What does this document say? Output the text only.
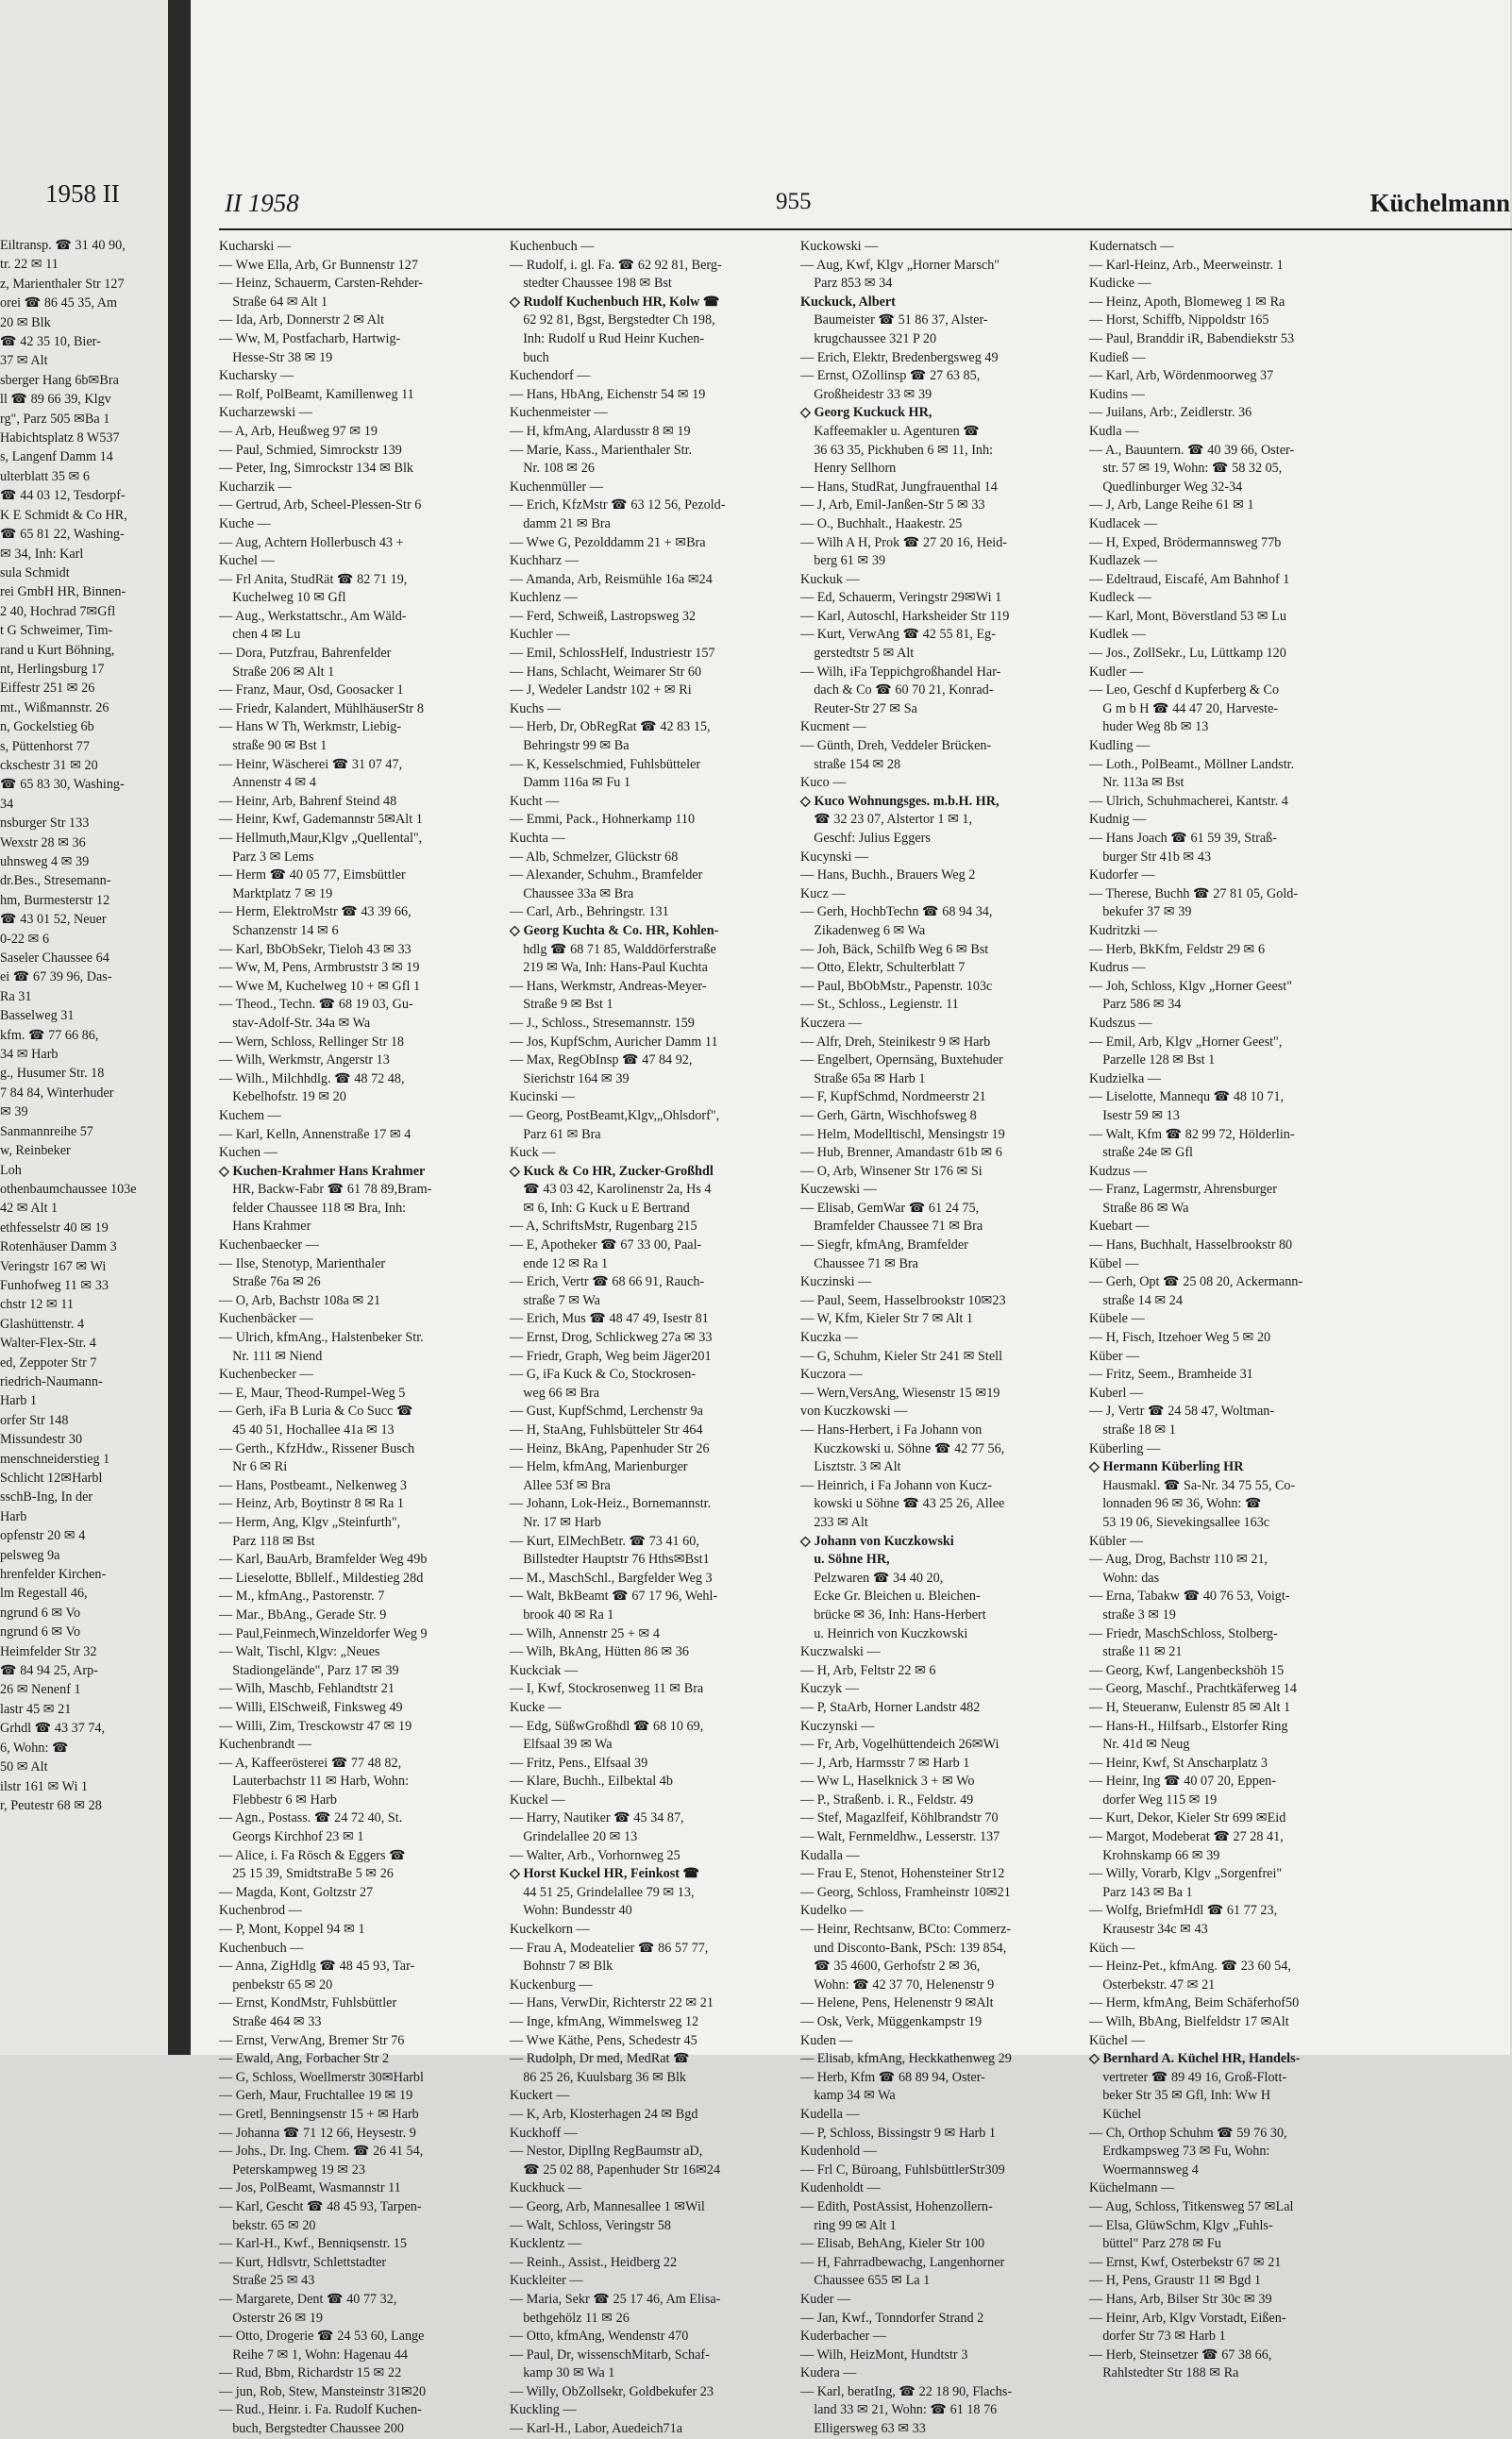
1958 II
Eiltransp. ☎ 31 40 90,
tr. 22 ✉ 11
z, Marienthaler Str 127
orei ☎ 86 45 35, Am
20 ✉ Blk
☎ 42 35 10, Bier-
37 ✉ Alt
sberger Hang 6b✉Bra
ll ☎ 89 66 39, Klgv
rg", Parz 505 ✉Ba 1
Habichtsplatz 8 W537
s, Langenf Damm 14
ulterblatt 35 ✉ 6
☎ 44 03 12, Tesdorpf-
K E Schmidt & Co HR,
☎ 65 81 22, Washing-
✉ 34, Inh: Karl
sula Schmidt
rei GmbH HR, Binnen-
2 40, Hochrad 7✉Gfl
t G Schweimer, Tim-
rand u Kurt Böhning,
nt, Herlingsburg 17
Eiffestr 251 ✉ 26
mt., Wißmannstr. 26
n, Gockelstieg 6b
s, Püttenhorst 77
ckschestr 31 ✉ 20
☎ 65 83 30, Washing-
34
nsburger Str 133
Wexstr 28 ✉ 36
uhnsweg 4 ✉ 39
dr.Bes., Stresemann-
hm, Burmesterstr 12
☎ 43 01 52, Neuer
0-22 ✉ 6
Saseler Chaussee 64
ei ☎ 67 39 96, Das-
Ra 31
Basselweg 31
kfm. ☎ 77 66 86,
34 ✉ Harb
g., Husumer Str. 18
7 84 84, Winterhuder
✉ 39
Sanmannreihe 57
w, Reinbeker
Loh
othenbaumchaussee 103e
42 ✉ Alt 1
ethfesselstr 40 ✉ 19
Rotenhäuser Damm 3
Veringstr 167 ✉ Wi
Funhofweg 11 ✉ 33
chstr 12 ✉ 11
Glashüttenstr. 4
Walter-Flex-Str. 4
ed, Zeppoter Str 7
riedrich-Naumann-
Harb 1
orfer Str 148
Missundestr 30
menschneiderstieg 1
Schlicht 12✉Harbl
sschB-Ing, In der
Harb
opfenstr 20 ✉ 4
pelsweg 9a
hrenfelder Kirchen-
lm Regestall 46,
ngrund 6 ✉ Vo
ngrund 6 ✉ Vo
Heimfelder Str 32
☎ 84 94 25, Arp-
26 ✉ Nenenf 1
lastr 45 ✉ 21
Grhdl ☎ 43 37 74,
6, Wohn: ☎
50 ✉ Alt
ilstr 161 ✉ Wi 1
r, Peutestr 68 ✉ 28
II 1958	955	Küchelmann
Kucharski —
— Wwe Ella, Arb, Gr Bunnenstr 127
— Heinz, Schauerm, Carsten-Rehder-
 Straße 64 ✉ Alt 1
— Ida, Arb, Donnerstr 2 ✉ Alt
— Ww, M, Postfacharb, Hartwig-
 Hesse-Str 38 ✉ 19
Kucharsky —
— Rolf, PolBeamt, Kamillenweg 11
Kucharzewski —
— A, Arb, Heußweg 97 ✉ 19
— Paul, Schmied, Simrockstr 139
— Peter, Ing, Simrockstr 134 ✉ Blk
Kucharzik —
— Gertrud, Arb, Scheel-Plessen-Str 6
Kuche —
— Aug, Achtern Hollerbusch 43 +
Kuchel —
— Frl Anita, StudRät ☎ 82 71 19,
 Kuchelweg 10 ✉ Gfl
— Aug., Werkstattschr., Am Wäld-
 chen 4 ✉ Lu
— Dora, Putzfrau, Bahrenfelder
 Straße 206 ✉ Alt 1
— Franz, Maur, Osd, Goosacker 1
— Friedr, Kalandert, MühlhäuserStr 8
— Hans W Th, Werkmstr, Liebig-
 straße 90 ✉ Bst 1
— Heinr, Wäscherei ☎ 31 07 47,
 Annenstr 4 ✉ 4
— Heinr, Arb, Bahrenf Steind 48
— Heinr, Kwf, Gademannstr 5✉Alt 1
— Hellmuth,Maur,Klgv „Quellental",
 Parz 3 ✉ Lems
— Herm ☎ 40 05 77, Eimsbüttler
 Marktplatz 7 ✉ 19
— Herm, ElektroMstr ☎ 43 39 66,
 Schanzenstr 14 ✉ 6
— Karl, BbObSekr, Tieloh 43 ✉ 33
— Ww, M, Pens, Armbruststr 3 ✉ 19
— Wwe M, Kuchelweg 10 + ✉ Gfl 1
— Theod., Techn. ☎ 68 19 03, Gu-
 stav-Adolf-Str. 34a ✉ Wa
— Wern, Schloss, Rellinger Str 18
— Wilh, Werkmstr, Angerstr 13
— Wilh., Milchhdlg. ☎ 48 72 48,
 Kebelhofstr. 19 ✉ 20
Kuchem —
— Karl, Kelln, Annenstraße 17 ✉ 4
Kuchen —
◇ Kuchen-Krahmer Hans Krahmer
 HR, Backw-Fabr ☎ 61 78 89,Bram-
 felder Chaussee 118 ✉ Bra, Inh:
 Hans Krahmer
Kuchenbaecker —
— Ilse, Stenotyp, Marienthaler
 Straße 76a ✉ 26
— O, Arb, Bachstr 108a ✉ 21
Kuchenbäcker —
— Ulrich, kfmAng., Halstenbeker Str.
 Nr. 111 ✉ Niend
Kuchenbecker —
— E, Maur, Theod-Rumpel-Weg 5
— Gerh, iFa B Luria & Co Succ ☎
 45 40 51, Hochallee 41a ✉ 13
— Gerth., KfzHdw., Rissener Busch
 Nr 6 ✉ Ri
— Hans, Postbeamt., Nelkenweg 3
— Heinz, Arb, Boytinstr 8 ✉ Ra 1
— Herm, Ang, Klgv „Steinfurth",
 Parz 118 ✉ Bst
— Karl, BauArb, Bramfelder Weg 49b
— Lieselotte, Bbllelf., Mildestieg 28d
— M., kfmAng., Pastorenstr. 7
— Mar., BbAng., Gerade Str. 9
— Paul,Feinmech,Winzeldorfer Weg 9
— Walt, Tischl, Klgv: „Neues
 Stadiongelände", Parz 17 ✉ 39
— Wilh, Maschb, Fehlandtstr 21
— Willi, ElSchweiß, Finksweg 49
— Willi, Zim, Tresckowstr 47 ✉ 19
Kuchenbrandt —
— A, Kaffeerösterei ☎ 77 48 82,
 Lauterbachstr 11 ✉ Harb, Wohn:
 Flebbestr 6 ✉ Harb
— Agn., Postass. ☎ 24 72 40, St.
 Georgs Kirchhof 23 ✉ 1
— Alice, i. Fa Rösch & Eggers ☎
 25 15 39, SmidtstraBe 5 ✉ 26
— Magda, Kont, Goltzstr 27
Kuchenbrod —
— P, Mont, Koppel 94 ✉ 1
Kuchenbuch —
— Anna, ZigHdlg ☎ 48 45 93, Tar-
 penbekstr 65 ✉ 20
— Ernst, KondMstr, Fuhlsbüttler
 Straße 464 ✉ 33
— Ernst, VerwAng, Bremer Str 76
— Ewald, Ang, Forbacher Str 2
— G, Schloss, Woellmerstr 30✉Harbl
— Gerh, Maur, Fruchtallee 19 ✉ 19
— Gretl, Benningsenstr 15 + ✉ Harb
— Johanna ☎ 71 12 66, Heysestr. 9
— Johs., Dr. Ing. Chem. ☎ 26 41 54,
 Peterskampweg 19 ✉ 23
— Jos, PolBeamt, Wasmannstr 11
— Karl, Gescht ☎ 48 45 93, Tarpen-
 bekstr. 65 ✉ 20
— Karl-H., Kwf., Benniqsenstr. 15
— Kurt, Hdlsvtr, Schlettstadter
 Straße 25 ✉ 43
— Margarete, Dent ☎ 40 77 32,
 Osterstr 26 ✉ 19
— Otto, Drogerie ☎ 24 53 60, Lange
 Reihe 7 ✉ 1, Wohn: Hagenau 44
— Rud, Bbm, Richardstr 15 ✉ 22
— jun, Rob, Stew, Mansteinstr 31✉20
— Rud., Heinr. i. Fa. Rudolf Kuchen-
 buch, Bergstedter Chaussee 200
Kuchenbuch —
— Rudolf, i. gl. Fa. ☎ 62 92 81, Berg-
 stedter Chaussee 198 ✉ Bst
◇ Rudolf Kuchenbuch HR, Kolw ☎
 62 92 81, Bgst, Bergstedter Ch 198,
 Inh: Rudolf u Rud Heinr Kuchen-
 buch
Kuchendorf —
— Hans, HbAng, Eichenstr 54 ✉ 19
Kuchenmeister —
— H, kfmAng, Alardusstr 8 ✉ 19
— Marie, Kass., Marienthaler Str.
 Nr. 108 ✉ 26
Kuchenmüller —
— Erich, KfzMstr ☎ 63 12 56, Pezold-
 damm 21 ✉ Bra
— Wwe G, Pezolddamm 21 + ✉Bra
Kuchharz —
— Amanda, Arb, Reismühle 16a ✉24
Kuchlenz —
— Ferd, Schweiß, Lastropsweg 32
Kuchler —
— Emil, SchlossHelf, Industriestr 157
— Hans, Schlacht, Weimarer Str 60
— J, Wedeler Landstr 102 + ✉ Ri
Kuchs —
— Herb, Dr, ObRegRat ☎ 42 83 15,
 Behringstr 99 ✉ Ba
— K, Kesselschmied, Fuhlsbütteler
 Damm 116a ✉ Fu 1
Kucht —
— Emmi, Pack., Hohnerkamp 110
Kuchta —
— Alb, Schmelzer, Glückstr 68
— Alexander, Schuhm., Bramfelder
 Chaussee 33a ✉ Bra
— Carl, Arb., Behringstr. 131
◇ Georg Kuchta & Co. HR, Kohlen-
 hdlg ☎ 68 71 85, Walddörferstraße
 219 ✉ Wa, Inh: Hans-Paul Kuchta
— Hans, Werkmstr, Andreas-Meyer-
 Straße 9 ✉ Bst 1
— J., Schloss., Stresemannstr. 159
— Jos, KupfSchm, Auricher Damm 11
— Max, RegObInsp ☎ 47 84 92,
 Sierichstr 164 ✉ 39
Kucinski —
— Georg, PostBeamt,Klgv,„Ohlsdorf",
 Parz 61 ✉ Bra
Kuck —
◇ Kuck & Co HR, Zucker-Großhdl
 ☎ 43 03 42, Karolinenstr 2a, Hs 4
 ✉ 6, Inh: G Kuck u E Bertrand
— A, SchriftsMstr, Rugenbarg 215
— E, Apotheker ☎ 67 33 00, Paal-
 ende 12 ✉ Ra 1
— Erich, Vertr ☎ 68 66 91, Rauch-
 straße 7 ✉ Wa
— Erich, Mus ☎ 48 47 49, Isestr 81
— Ernst, Drog, Schlickweg 27a ✉ 33
— Friedr, Graph, Weg beim Jäger201
— G, iFa Kuck & Co, Stockrosen-
 weg 66 ✉ Bra
— Gust, KupfSchmd, Lerchenstr 9a
— H, StaAng, Fuhlsbütteler Str 464
— Heinz, BkAng, Papenhuder Str 26
— Helm, kfmAng, Marienburger
 Allee 53f ✉ Bra
— Johann, Lok-Heiz., Bornemannstr.
 Nr. 17 ✉ Harb
— Kurt, ElMechBetr. ☎ 73 41 60,
 Billstedter Hauptstr 76 Hths✉Bst1
— M., MaschSchl., Bargfelder Weg 3
— Walt, BkBeamt ☎ 67 17 96, Wehl-
 brook 40 ✉ Ra 1
— Wilh, Annenstr 25 + ✉ 4
— Wilh, BkAng, Hütten 86 ✉ 36
Kuckciak —
— I, Kwf, Stockrosenweg 11 ✉ Bra
Kucke —
— Edg, SüßwGroßhdl ☎ 68 10 69,
 Elfsaal 39 ✉ Wa
— Fritz, Pens., Elfsaal 39
— Klare, Buchh., Eilbektal 4b
Kuckel —
— Harry, Nautiker ☎ 45 34 87,
 Grindelallee 20 ✉ 13
— Walter, Arb., Vorhornweg 25
◇ Horst Kuckel HR, Feinkost ☎
 44 51 25, Grindelallee 79 ✉ 13,
 Wohn: Bundesstr 40
Kuckelkorn —
— Frau A, Modeatelier ☎ 86 57 77,
 Bohnstr 7 ✉ Blk
Kuckenburg —
— Hans, VerwDir, Richterstr 22 ✉ 21
— Inge, kfmAng, Wimmelsweg 12
— Wwe Käthe, Pens, Schedestr 45
— Rudolph, Dr med, MedRat ☎
 86 25 26, Kuulsbarg 36 ✉ Blk
Kuckert —
— K, Arb, Klosterhagen 24 ✉ Bgd
Kuckhoff —
— Nestor, DiplIng RegBaumstr aD,
 ☎ 25 02 88, Papenhuder Str 16✉24
Kuckhuck —
— Georg, Arb, Mannesallee 1 ✉Wil
— Walt, Schloss, Veringstr 58
Kucklentz —
— Reinh., Assist., Heidberg 22
Kuckleiter —
— Maria, Sekr ☎ 25 17 46, Am Elisa-
 bethgehölz 11 ✉ 26
— Otto, kfmAng, Wendenstr 470
— Paul, Dr, wissenschMitarb, Schaf-
 kamp 30 ✉ Wa 1
— Willy, ObZollsekr, Goldbekufer 23
Kuckling —
— Karl-H., Labor, Auedeich71a
Kuckowski —
— Aug, Kwf, Klgv „Horner Marsch"
 Parz 853 ✉ 34
Kuckuck, Albert
 Baumeister ☎ 51 86 37, Alster-
 krugchaussee 321 P 20
— Erich, Elektr, Bredenbergsweg 49
— Ernst, OZollinsp ☎ 27 63 85,
 Großheidestr 33 ✉ 39
◇ Georg Kuckuck HR,
 Kaffeemakler u. Agenturen ☎
 36 63 35, Pickhuben 6 ✉ 11, Inh:
 Henry Sellhorn
— Hans, StudRat, Jungfrauenthal 14
— J, Arb, Emil-Janßen-Str 5 ✉ 33
— O., Buchhalt., Haakestr. 25
— Wilh A H, Prok ☎ 27 20 16, Heid-
 berg 61 ✉ 39
Kuckuk —
— Ed, Schauerm, Veringstr 29✉Wi 1
— Karl, Autoschl, Harksheider Str 119
— Kurt, VerwAng ☎ 42 55 81, Eg-
 gerstedtstr 5 ✉ Alt
— Wilh, iFa Teppichgroßhandel Har-
 dach & Co ☎ 60 70 21, Konrad-
 Reuter-Str 27 ✉ Sa
Kucment —
— Günth, Dreh, Veddeler Brücken-
 straße 154 ✉ 28
Kuco —
◇ Kuco Wohnungsges. m.b.H. HR,
 ☎ 32 23 07, Alstertor 1 ✉ 1,
 Geschf: Julius Eggers
Kucynski —
— Hans, Buchh., Brauers Weg 2
Kucz —
— Gerh, HochbTechn ☎ 68 94 34,
 Zikadenweg 6 ✉ Wa
— Joh, Bäck, Schilfb Weg 6 ✉ Bst
— Otto, Elektr, Schulterblatt 7
— Paul, BbObMstr., Papenstr. 103c
— St., Schloss., Legienstr. 11
Kuczera —
— Alfr, Dreh, Steinikestr 9 ✉ Harb
— Engelbert, Opernsäng, Buxtehuder
 Straße 65a ✉ Harb 1
— F, KupfSchmd, Nordmeerstr 21
— Gerh, Gärtn, Wischhofsweg 8
— Helm, Modelltischl, Mensingstr 19
— Hub, Brenner, Amandastr 61b ✉ 6
— O, Arb, Winsener Str 176 ✉ Si
Kuczewski —
— Elisab, GemWar ☎ 61 24 75,
 Bramfelder Chaussee 71 ✉ Bra
— Siegfr, kfmAng, Bramfelder
 Chaussee 71 ✉ Bra
Kuczinski —
— Paul, Seem, Hasselbrookstr 10✉23
— W, Kfm, Kieler Str 7 ✉ Alt 1
Kuczka —
— G, Schuhm, Kieler Str 241 ✉ Stell
Kuczora —
— Wern,VersAng, Wiesenstr 15 ✉19
von Kuczkowski —
— Hans-Herbert, i Fa Johann von
 Kuczkowski u. Söhne ☎ 42 77 56,
 Lisztstr. 3 ✉ Alt
— Heinrich, i Fa Johann von Kucz-
 kowski u Söhne ☎ 43 25 26, Allee
 233 ✉ Alt
◇ Johann von Kuczkowski
 u. Söhne HR,
 Pelzwaren ☎ 34 40 20,
 Ecke Gr. Bleichen u. Bleichen-
 brücke ✉ 36, Inh: Hans-Herbert
 u. Heinrich von Kuczkowski
Kuczwalski —
— H, Arb, Feltstr 22 ✉ 6
Kuczyk —
— P, StaArb, Horner Landstr 482
Kuczynski —
— Fr, Arb, Vogelhüttendeich 26✉Wi
— J, Arb, Harmsstr 7 ✉ Harb 1
— Ww L, Haselknick 3 + ✉ Wo
— P., Straßenb. i. R., Feldstr. 49
— Stef, Magazlfeif, Köhlbrandstr 70
— Walt, Fernmeldhw., Lesserstr. 137
Kudalla —
— Frau E, Stenot, Hohensteiner Str12
— Georg, Schloss, Framheinstr 10✉21
Kudelko —
— Heinr, Rechtsanw, BCto: Commerz-
 und Disconto-Bank, PSch: 139 854,
 ☎ 35 4600, Gerhofstr 2 ✉ 36,
 Wohn: ☎ 42 37 70, Helenenstr 9
— Helene, Pens, Helenenstr 9 ✉Alt
— Osk, Verk, Müggenkampstr 19
Kuden —
— Elisab, kfmAng, Heckkathenweg 29
— Herb, Kfm ☎ 68 89 94, Oster-
 kamp 34 ✉ Wa
Kudella —
— P, Schloss, Bissingstr 9 ✉ Harb 1
Kudenhold —
— Frl C, Büroang, FuhlsbüttlerStr309
Kudenholdt —
— Edith, PostAssist, Hohenzollern-
 ring 99 ✉ Alt 1
— Elisab, BehAng, Kieler Str 100
— H, Fahrradbewachg, Langenhorner
 Chaussee 655 ✉ La 1
Kuder —
— Jan, Kwf., Tonndorfer Strand 2
Kuderbacher —
— Wilh, HeizMont, Hundtstr 3
Kudera —
— Karl, beratIng, ☎ 22 18 90, Flachs-
 land 33 ✉ 21, Wohn: ☎ 61 18 76
 Elligersweg 63 ✉ 33
Kudernatsch —
— Karl-Heinz, Arb., Meerweinstr. 1
Kudicke —
— Heinz, Apoth, Blomeweg 1 ✉ Ra
— Horst, Schiffb, Nippoldstr 165
— Paul, Branddir iR, Babendiekstr 53
Kudieß —
— Karl, Arb, Wördenmoorweg 37
Kudins —
— Juilans, Arb:, Zeidlerstr. 36
Kudla —
— A., Bauuntern. ☎ 40 39 66, Oster-
 str. 57 ✉ 19, Wohn: ☎ 58 32 05,
 Quedlinburger Weg 32-34
— J, Arb, Lange Reihe 61 ✉ 1
Kudlacek —
— H, Exped, Brödermannsweg 77b
Kudlazek —
— Edeltraud, Eiscafé, Am Bahnhof 1
Kudleck —
— Karl, Mont, Böverstland 53 ✉ Lu
Kudlek —
— Jos., ZollSekr., Lu, Lüttkamp 120
Kudler —
— Leo, Geschf d Kupferberg & Co
 G m b H ☎ 44 47 20, Harveste-
 huder Weg 8b ✉ 13
Kudling —
— Loth., PolBeamt., Möllner Landstr.
 Nr. 113a ✉ Bst
— Ulrich, Schuhmacherei, Kantstr. 4
Kudnig —
— Hans Joach ☎ 61 59 39, Straß-
 burger Str 41b ✉ 43
Kudorfer —
— Therese, Buchh ☎ 27 81 05, Gold-
 bekufer 37 ✉ 39
Kudritzki —
— Herb, BkKfm, Feldstr 29 ✉ 6
Kudrus —
— Joh, Schloss, Klgv „Horner Geest"
 Parz 586 ✉ 34
Kudszus —
— Emil, Arb, Klgv „Horner Geest",
 Parzelle 128 ✉ Bst 1
Kudzielka —
— Liselotte, Mannequ ☎ 48 10 71,
 Isestr 59 ✉ 13
— Walt, Kfm ☎ 82 99 72, Hölderlin-
 straße 24e ✉ Gfl
Kudzus —
— Franz, Lagermstr, Ahrensburger
 Straße 86 ✉ Wa
Kuebart —
— Hans, Buchhalt, Hasselbrookstr 80
Kübel —
— Gerh, Opt ☎ 25 08 20, Ackermann-
 straße 14 ✉ 24
Kübele —
— H, Fisch, Itzehoer Weg 5 ✉ 20
Küber —
— Fritz, Seem., Bramheide 31
Kuberl —
— J, Vertr ☎ 24 58 47, Woltman-
 straße 18 ✉ 1
Küberling —
◇ Hermann Küberling HR
 Hausmakl. ☎ Sa-Nr. 34 75 55, Co-
 lonnaden 96 ✉ 36, Wohn: ☎
 53 19 06, Sievekingsallee 163c
Kübler —
— Aug, Drog, Bachstr 110 ✉ 21,
 Wohn: das
— Erna, Tabakw ☎ 40 76 53, Voigt-
 straße 3 ✉ 19
— Friedr, MaschSchloss, Stolberg-
 straße 11 ✉ 21
— Georg, Kwf, Langenbeckshöh 15
— Georg, Maschf., Prachtkäferweg 14
— H, Steueranw, Eulenstr 85 ✉ Alt 1
— Hans-H., Hilfsarb., Elstorfer Ring
 Nr. 41d ✉ Neug
— Heinr, Kwf, St Anscharplatz 3
— Heinr, Ing ☎ 40 07 20, Eppen-
 dorfer Weg 115 ✉ 19
— Kurt, Dekor, Kieler Str 699 ✉Eid
— Margot, Modeberat ☎ 27 28 41,
 Krohnskamp 66 ✉ 39
— Willy, Vorarb, Klgv „Sorgenfrei"
 Parz 143 ✉ Ba 1
— Wolfg, BriefmHdl ☎ 61 77 23,
 Krausestr 34c ✉ 43
Küch —
— Heinz-Pet., kfmAng. ☎ 23 60 54,
 Osterbekstr. 47 ✉ 21
— Herm, kfmAng, Beim Schäferhof50
— Wilh, BbAng, Bielfeldstr 17 ✉Alt
Küchel —
◇ Bernhard A. Küchel HR, Handels-
 vertreter ☎ 89 49 16, Groß-Flott-
 beker Str 35 ✉ Gfl, Inh: Ww H
 Küchel
— Ch, Orthop Schuhm ☎ 59 76 30,
 Erdkampsweg 73 ✉ Fu, Wohn:
 Woermannsweg 4
Küchelmann —
— Aug, Schloss, Titkensweg 57 ✉Lal
— Elsa, GlüwSchm, Klgv „Fuhls-
 büttel" Parz 278 ✉ Fu
— Ernst, Kwf, Osterbekstr 67 ✉ 21
— H, Pens, Graustr 11 ✉ Bgd 1
— Hans, Arb, Bilser Str 30c ✉ 39
— Heinr, Arb, Klgv Vorstadt, Eißen-
 dorfer Str 73 ✉ Harb 1
— Herb, Steinsetzer ☎ 67 38 66,
 Rahlstedter Str 188 ✉ Ra
